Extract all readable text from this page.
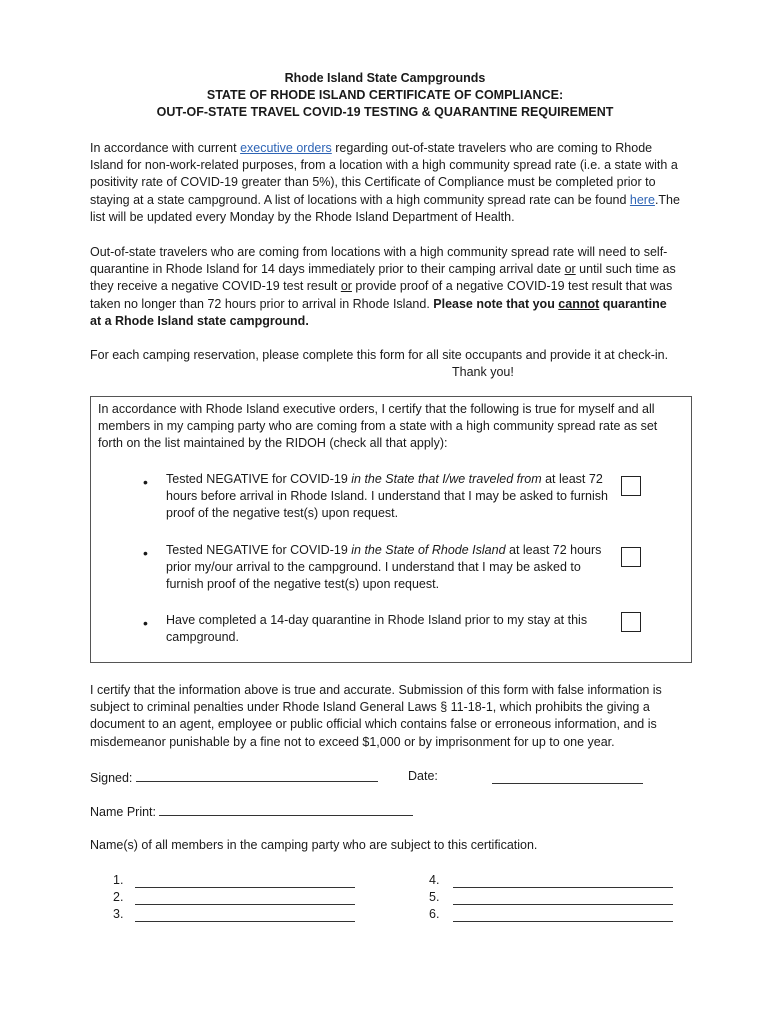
Rhode Island State Campgrounds
STATE OF RHODE ISLAND CERTIFICATE OF COMPLIANCE:
OUT-OF-STATE TRAVEL COVID-19 TESTING & QUARANTINE REQUIREMENT
In accordance with current executive orders regarding out-of-state travelers who are coming to Rhode Island for non-work-related purposes, from a location with a high community spread rate (i.e. a state with a positivity rate of COVID-19 greater than 5%), this Certificate of Compliance must be completed prior to staying at a state campground. A list of locations with a high community spread rate can be found here.The list will be updated every Monday by the Rhode Island Department of Health.
Out-of-state travelers who are coming from locations with a high community spread rate will need to self-quarantine in Rhode Island for 14 days immediately prior to their camping arrival date or until such time as they receive a negative COVID-19 test result or provide proof of a negative COVID-19 test result that was taken no longer than 72 hours prior to arrival in Rhode Island. Please note that you cannot quarantine at a Rhode Island state campground.
For each camping reservation, please complete this form for all site occupants and provide it at check-in.
Thank you!
In accordance with Rhode Island executive orders, I certify that the following is true for myself and all members in my camping party who are coming from a state with a high community spread rate as set forth on the list maintained by the RIDOH (check all that apply):
•
Tested NEGATIVE for COVID-19 in the State that I/we traveled from at least 72 hours before arrival in Rhode Island. I understand that I may be asked to furnish proof of the negative test(s) upon request.
•
Tested NEGATIVE for COVID-19 in the State of Rhode Island at least 72 hours prior my/our arrival to the campground. I understand that I may be asked to furnish proof of the negative test(s) upon request.
•
Have completed a 14-day quarantine in Rhode Island prior to my stay at this campground.
I certify that the information above is true and accurate. Submission of this form with false information is subject to criminal penalties under Rhode Island General Laws § 11-18-1, which prohibits the giving a document to an agent, employee or public official which contains false or erroneous information, and is misdemeanor punishable by a fine not to exceed $1,000 or by imprisonment for up to one year.
Signed:	Date:
Name Print:
Name(s) of all members in the camping party who are subject to this certification.
1.
2.
3.
4.
5.
6.
